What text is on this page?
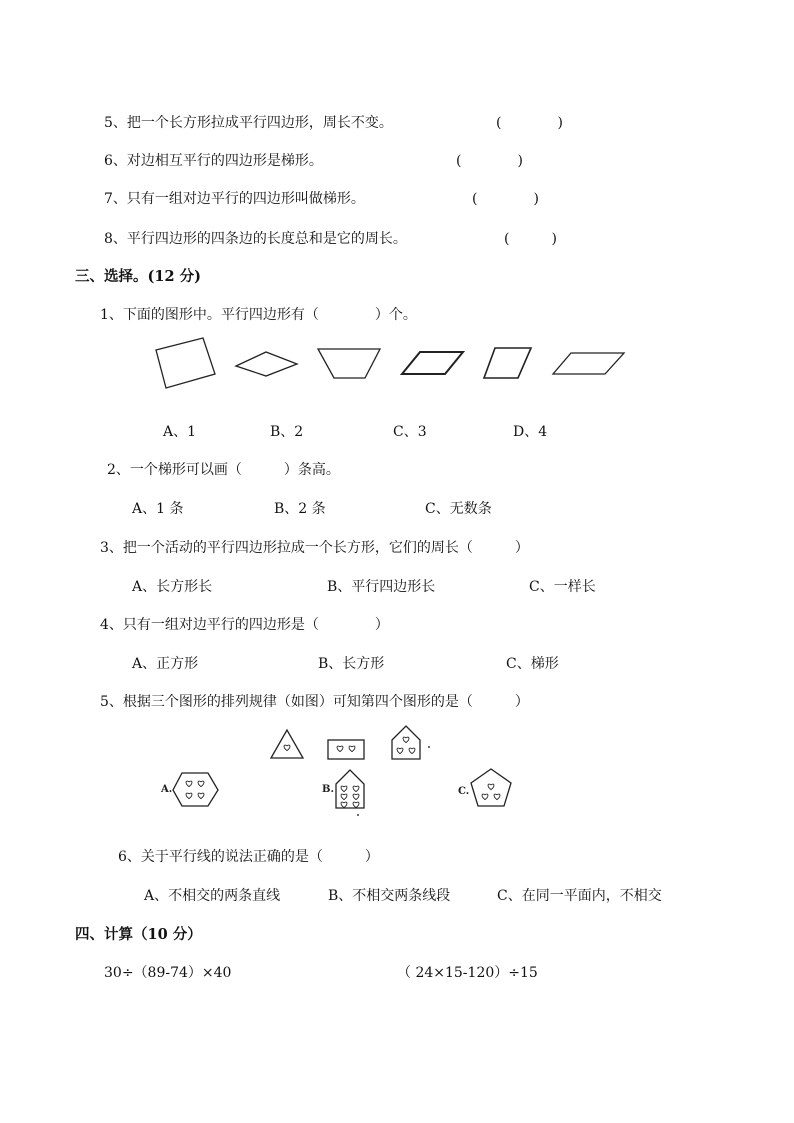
5、把一个长方形拉成平行四边形，周长不变。	(　　　　)
6、对边相互平行的四边形是梯形。	(　　　　)
7、只有一组对边平行的四边形叫做梯形。	(　　　　)
8、平行四边形的四条边的长度总和是它的周长。	(　　　)
三、选择。(12 分)
1、下面的图形中。平行四边形有（　　　　）个。
A、1	B、2	C、3	D、4
2、一个梯形可以画（　　　）条高。
A、1 条	B、2 条	C、无数条
3、把一个活动的平行四边形拉成一个长方形，它们的周长（　　　）
A、长方形长	B、平行四边形长	C、一样长
4、只有一组对边平行的四边形是（　　　　）
A、正方形	B、长方形	C、梯形
5、根据三个图形的排列规律（如图）可知第四个图形的是（　　　）
A.	B.	C.
6、关于平行线的说法正确的是（　　　）
A、不相交的两条直线	B、不相交两条线段	C、在同一平面内，不相交
四、计算（10 分）
30÷（89-74）×40	（ 24×15-120）÷15
